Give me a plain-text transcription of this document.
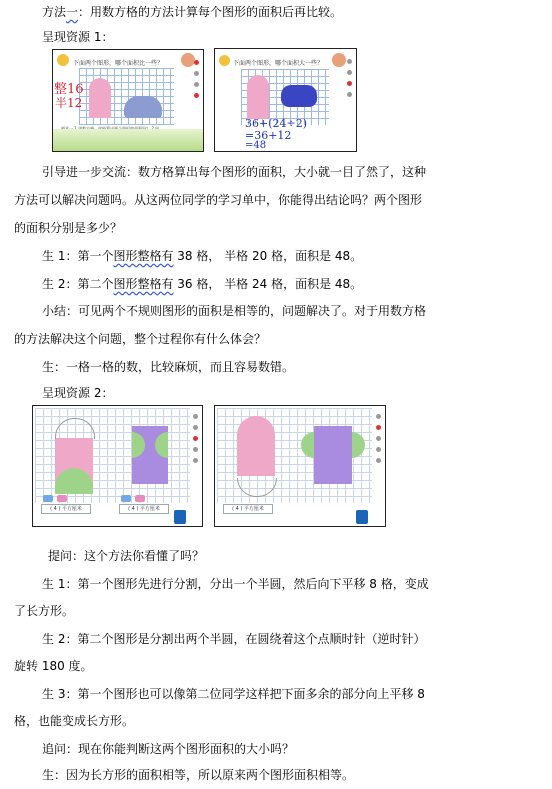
方法一：用数方格的方法计算每个图形的面积后再比较。
呈现资源 1：
下面两个图形，哪个面积比一些？
整16
半12
下面两个图形，哪个面积大一些？
36+(24÷2)
=36+12
=48
引导进一步交流：数方格算出每个图形的面积，大小就一目了然了，这种
方法可以解决问题吗。从这两位同学的学习单中，你能得出结论吗？两个图形
的面积分别是多少？
生 1：第一个图形整格有 38 格， 半格 20 格，面积是 48。
生 2：第二个图形整格有 36 格， 半格 24 格，面积是 48。
小结：可见两个不规则图形的面积是相等的，问题解决了。对于用数方格
的方法解决这个问题，整个过程你有什么体会？
生：一格一格的数，比较麻烦，而且容易数错。
呈现资源 2：
( 4 ) 平方厘米	( 4 ) 平方厘米	( 4 ) 平方厘米
提问：这个方法你看懂了吗？
生 1：第一个图形先进行分割，分出一个半圆，然后向下平移 8 格，变成
了长方形。
生 2：第二个图形是分割出两个半圆，在圆绕着这个点顺时针（逆时针）
旋转 180 度。
生 3：第一个图形也可以像第二位同学这样把下面多余的部分向上平移 8
格，也能变成长方形。
追问：现在你能判断这两个图形面积的大小吗？
生：因为长方形的面积相等，所以原来两个图形面积相等。
